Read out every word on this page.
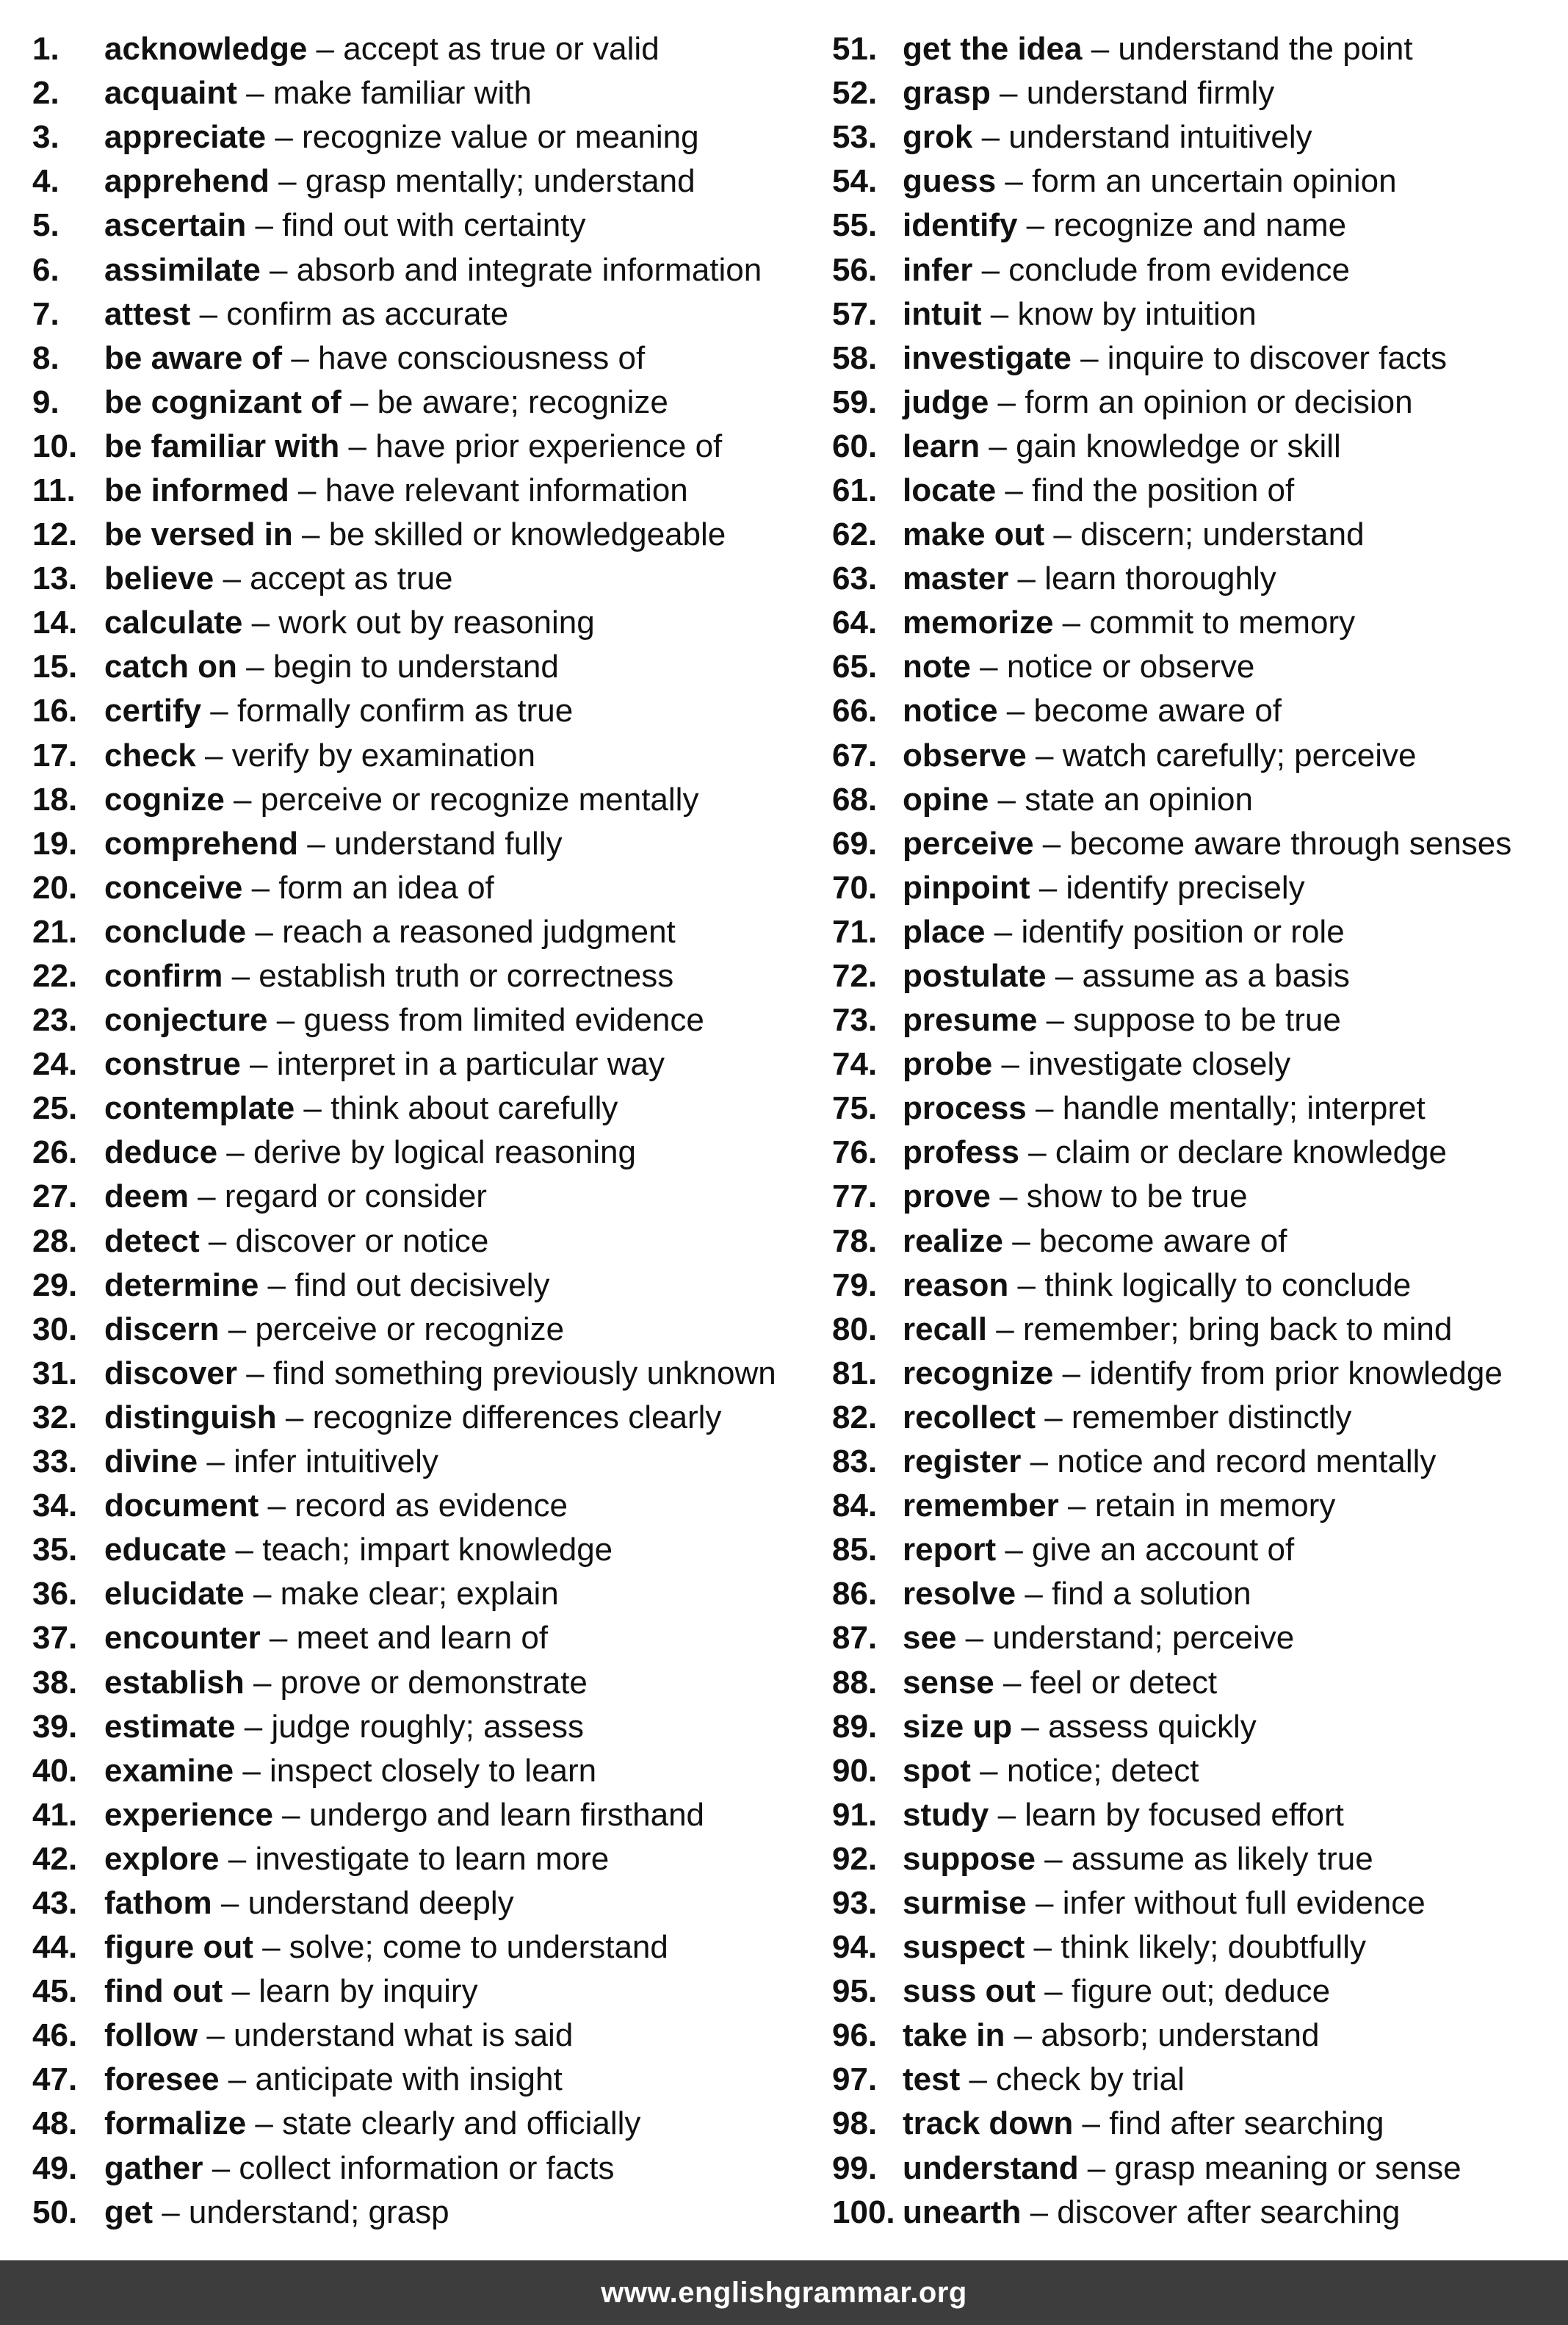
1.	acknowledge – accept as true or valid
2.	acquaint – make familiar with
3.	appreciate – recognize value or meaning
4.	apprehend – grasp mentally; understand
5.	ascertain – find out with certainty
6.	assimilate – absorb and integrate information
7.	attest – confirm as accurate
8.	be aware of – have consciousness of
9.	be cognizant of – be aware; recognize
10. be familiar with – have prior experience of
11. be informed – have relevant information
12. be versed in – be skilled or knowledgeable
13. believe – accept as true
14. calculate – work out by reasoning
15. catch on – begin to understand
16. certify – formally confirm as true
17. check – verify by examination
18. cognize – perceive or recognize mentally
19. comprehend – understand fully
20. conceive – form an idea of
21. conclude – reach a reasoned judgment
22. confirm – establish truth or correctness
23. conjecture – guess from limited evidence
24. construe – interpret in a particular way
25. contemplate – think about carefully
26. deduce – derive by logical reasoning
27. deem – regard or consider
28. detect – discover or notice
29. determine – find out decisively
30. discern – perceive or recognize
31. discover – find something previously unknown
32. distinguish – recognize differences clearly
33. divine – infer intuitively
34. document – record as evidence
35. educate – teach; impart knowledge
36. elucidate – make clear; explain
37. encounter – meet and learn of
38. establish – prove or demonstrate
39. estimate – judge roughly; assess
40. examine – inspect closely to learn
41. experience – undergo and learn firsthand
42. explore – investigate to learn more
43. fathom – understand deeply
44. figure out – solve; come to understand
45. find out – learn by inquiry
46. follow – understand what is said
47. foresee – anticipate with insight
48. formalize – state clearly and officially
49. gather – collect information or facts
50. get – understand; grasp
51. get the idea – understand the point
52. grasp – understand firmly
53. grok – understand intuitively
54. guess – form an uncertain opinion
55. identify – recognize and name
56. infer – conclude from evidence
57. intuit – know by intuition
58. investigate – inquire to discover facts
59. judge – form an opinion or decision
60. learn – gain knowledge or skill
61. locate – find the position of
62. make out – discern; understand
63. master – learn thoroughly
64. memorize – commit to memory
65. note – notice or observe
66. notice – become aware of
67. observe – watch carefully; perceive
68. opine – state an opinion
69. perceive – become aware through senses
70. pinpoint – identify precisely
71. place – identify position or role
72. postulate – assume as a basis
73. presume – suppose to be true
74. probe – investigate closely
75. process – handle mentally; interpret
76. profess – claim or declare knowledge
77. prove – show to be true
78. realize – become aware of
79. reason – think logically to conclude
80. recall – remember; bring back to mind
81. recognize – identify from prior knowledge
82. recollect – remember distinctly
83. register – notice and record mentally
84. remember – retain in memory
85. report – give an account of
86. resolve – find a solution
87. see – understand; perceive
88. sense – feel or detect
89. size up – assess quickly
90. spot – notice; detect
91. study – learn by focused effort
92. suppose – assume as likely true
93. surmise – infer without full evidence
94. suspect – think likely; doubtfully
95. suss out – figure out; deduce
96. take in – absorb; understand
97. test – check by trial
98. track down – find after searching
99. understand – grasp meaning or sense
100. unearth – discover after searching
www.englishgrammar.org
